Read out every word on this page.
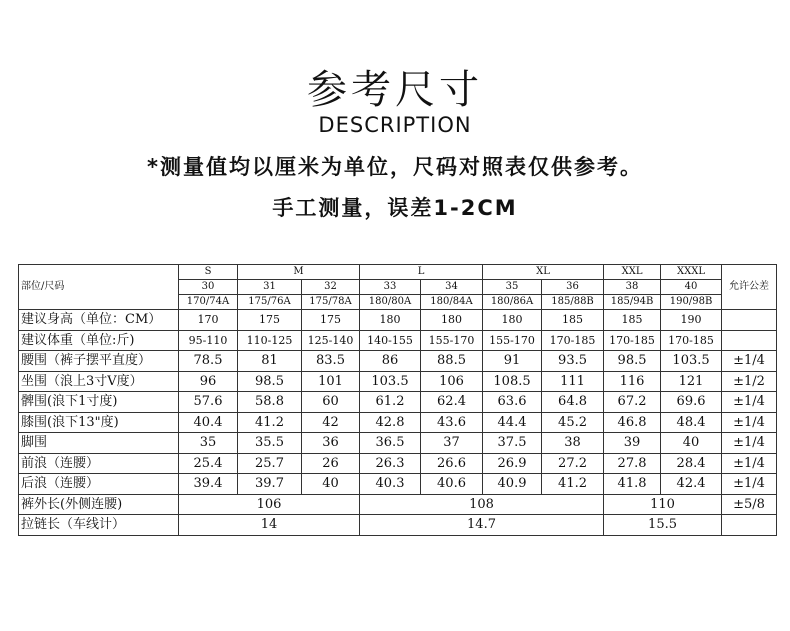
参考尺寸
DESCRIPTION
*测量值均以厘米为单位，尺码对照表仅供参考。
手工测量，误差1-2CM
部位/尺码	S	M		L		XL		XXL	XXXL	允许公差
	30	31	32	33	34	35	36	38	40	
	170/74A	175/76A	175/78A	180/80A	180/84A	180/86A	185/88B	185/94B	190/98B	
建议身高（单位：CM）	170	175	175	180	180	180	185	185	190	
建议体重（单位:斤)	95-110	110-125	125-140	140-155	155-170	155-170	170-185	170-185	170-185	
腰围（裤子摆平直度）	78.5	81	83.5	86	88.5	91	93.5	98.5	103.5	±1/4
坐围（浪上3寸V度）	96	98.5	101	103.5	106	108.5	111	116	121	±1/2
髀围(浪下1寸度)	57.6	58.8	60	61.2	62.4	63.6	64.8	67.2	69.6	±1/4
膝围(浪下13"度)	40.4	41.2	42	42.8	43.6	44.4	45.2	46.8	48.4	±1/4
脚围	35	35.5	36	36.5	37	37.5	38	39	40	±1/4
前浪（连腰）	25.4	25.7	26	26.3	26.6	26.9	27.2	27.8	28.4	±1/4
后浪（连腰）	39.4	39.7	40	40.3	40.6	40.9	41.2	41.8	42.4	±1/4
裤外长(外侧连腰)	106			108				110		±5/8
拉链长（车线计）	14			14.7				15.5		
